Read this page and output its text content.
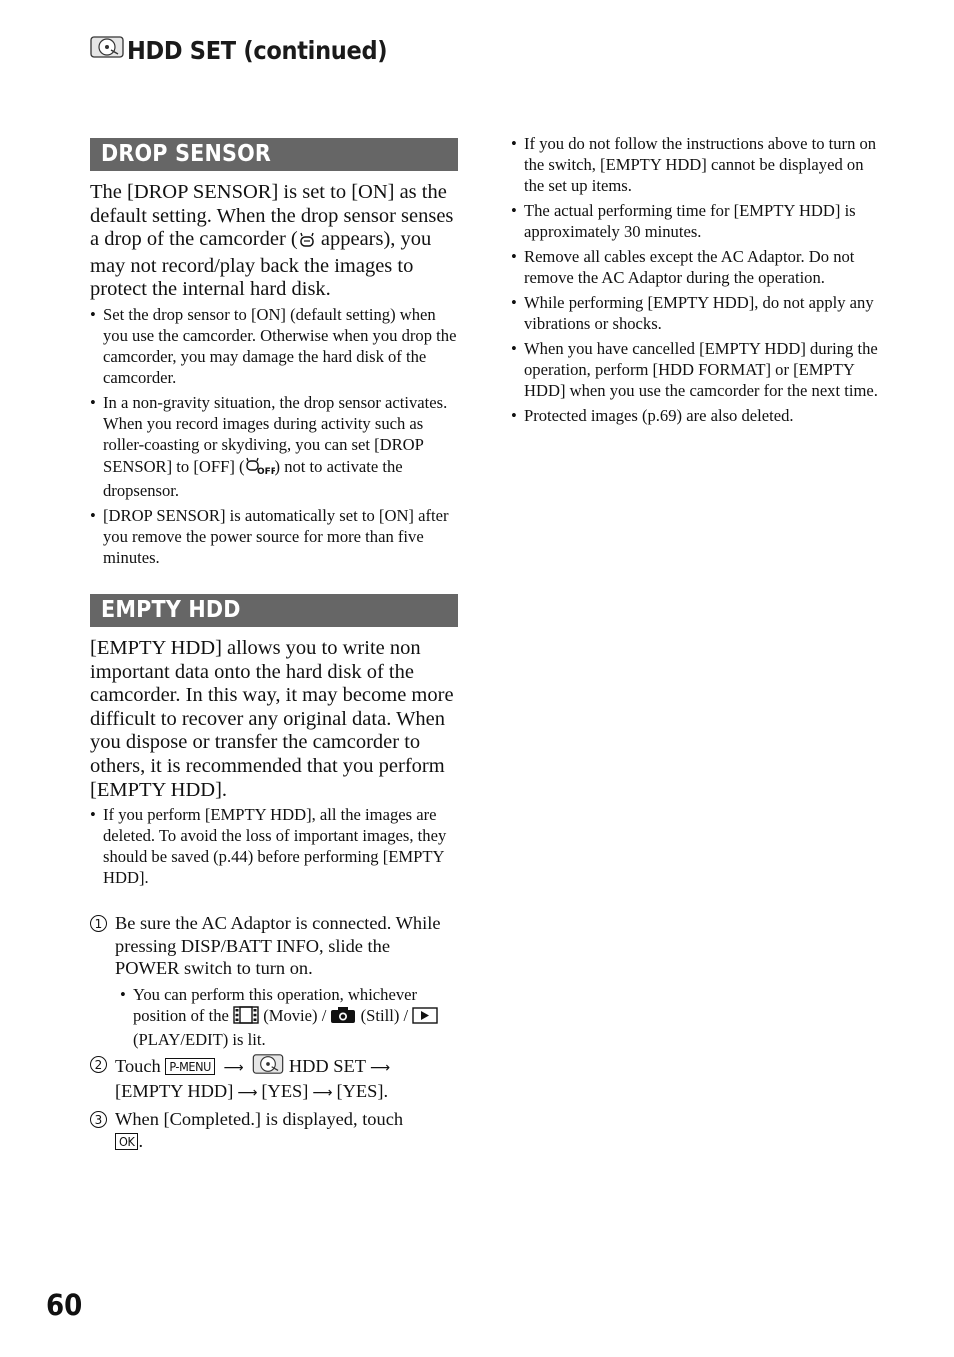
HDD SET (continued)
DROP SENSOR

The [DROP SENSOR] is set to [ON] as the default setting. When the drop sensor senses a drop of the camcorder ( appears), you may not record/play back the images to protect the internal hard disk.

• Set the drop sensor to [ON] (default setting) when you use the camcorder. Otherwise when you drop the camcorder, you may damage the hard disk of the camcorder.
• In a non-gravity situation, the drop sensor activates. When you record images during activity such as roller-coasting or skydiving, you can set [DROP SENSOR] to [OFF] ( OFF
) not to activate the dropsensor.
• [DROP SENSOR] is automatically set to [ON] after you remove the power source for more than five minutes.
EMPTY HDD

[EMPTY HDD] allows you to write non important data onto the hard disk of the camcorder. In this way, it may become more difficult to recover any original data. When you dispose or transfer the camcorder to others, it is recommended that you perform [EMPTY HDD].

• If you perform [EMPTY HDD], all the images are deleted. To avoid the loss of important images, they should be saved (p.44) before performing [EMPTY HDD].
1 Be sure the AC Adaptor is connected. While pressing DISP/BATT INFO, slide the POWER switch to turn on.
• You can perform this operation, whichever position of the (Movie) / (Still) /  (PLAY/EDIT) is lit.
2 Touch P-MENU ⟶ HDD SET ⟶
[EMPTY HDD] ⟶ [YES] ⟶ [YES].
3 When [Completed.] is displayed, touch
OK .
• If you do not follow the instructions above to turn on the switch, [EMPTY HDD] cannot be displayed on the set up items.
• The actual performing time for [EMPTY HDD] is approximately 30 minutes.
• Remove all cables except the AC Adaptor. Do not remove the AC Adaptor during the operation.
• While performing [EMPTY HDD], do not apply any vibrations or shocks.
• When you have cancelled [EMPTY HDD] during the operation, perform [HDD FORMAT] or [EMPTY HDD] when you use the camcorder for the next time.
• Protected images (p.69) are also deleted.
60
